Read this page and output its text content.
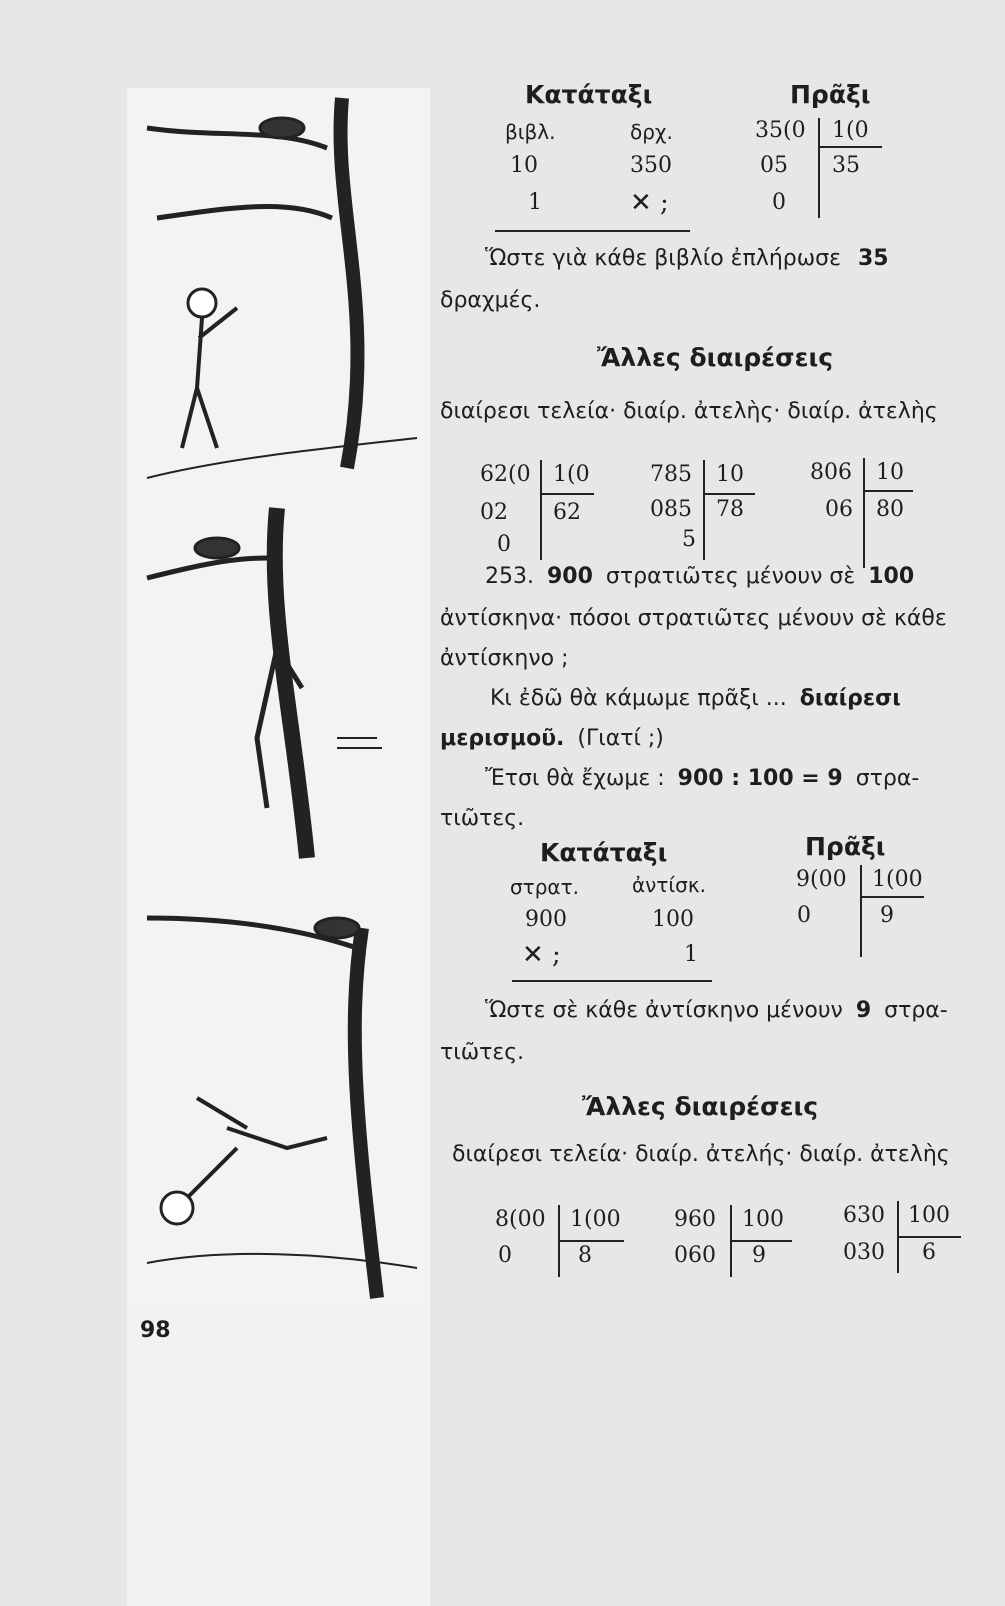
98
Κατάταξι	Πρᾶξι
βιβλ.	δρχ.
10	350
1	✕ ;
35(0 1(0
05 35
0
Ὥστε γιὰ κάθε βιβλίο ἐπλήρωσε 35
δραχμές.
Ἄλλες διαιρέσεις
διαίρεσι τελεία· διαίρ. ἀτελὴς· διαίρ. ἀτελὴς
62(0 1(0
02 62
0
785 10
085 78
5
806 10
06 80
253. 900 στρατιῶτες μένουν σὲ 100
ἀντίσκηνα· πόσοι στρατιῶτες μένουν σὲ κάθε
ἀντίσκηνο ;
Κι ἐδῶ θὰ κάμωμε πρᾶξι ... διαίρεσι
μερισμοῦ. (Γιατί ;)
Ἔτσι θὰ ἔχωμε : 900 : 100 = 9 στρα-
τιῶτες.
Κατάταξι	Πρᾶξι
στρατ.	ἀντίσκ.
900	100
✕ ;	1
9(00 1(00
0	9
Ὥστε σὲ κάθε ἀντίσκηνο μένουν 9 στρα-
τιῶτες.
Ἄλλες διαιρέσεις
διαίρεσι τελεία· διαίρ. ἀτελής· διαίρ. ἀτελὴς
8(00 1(00
0	8
960 100
060 9
630 100
030 6
